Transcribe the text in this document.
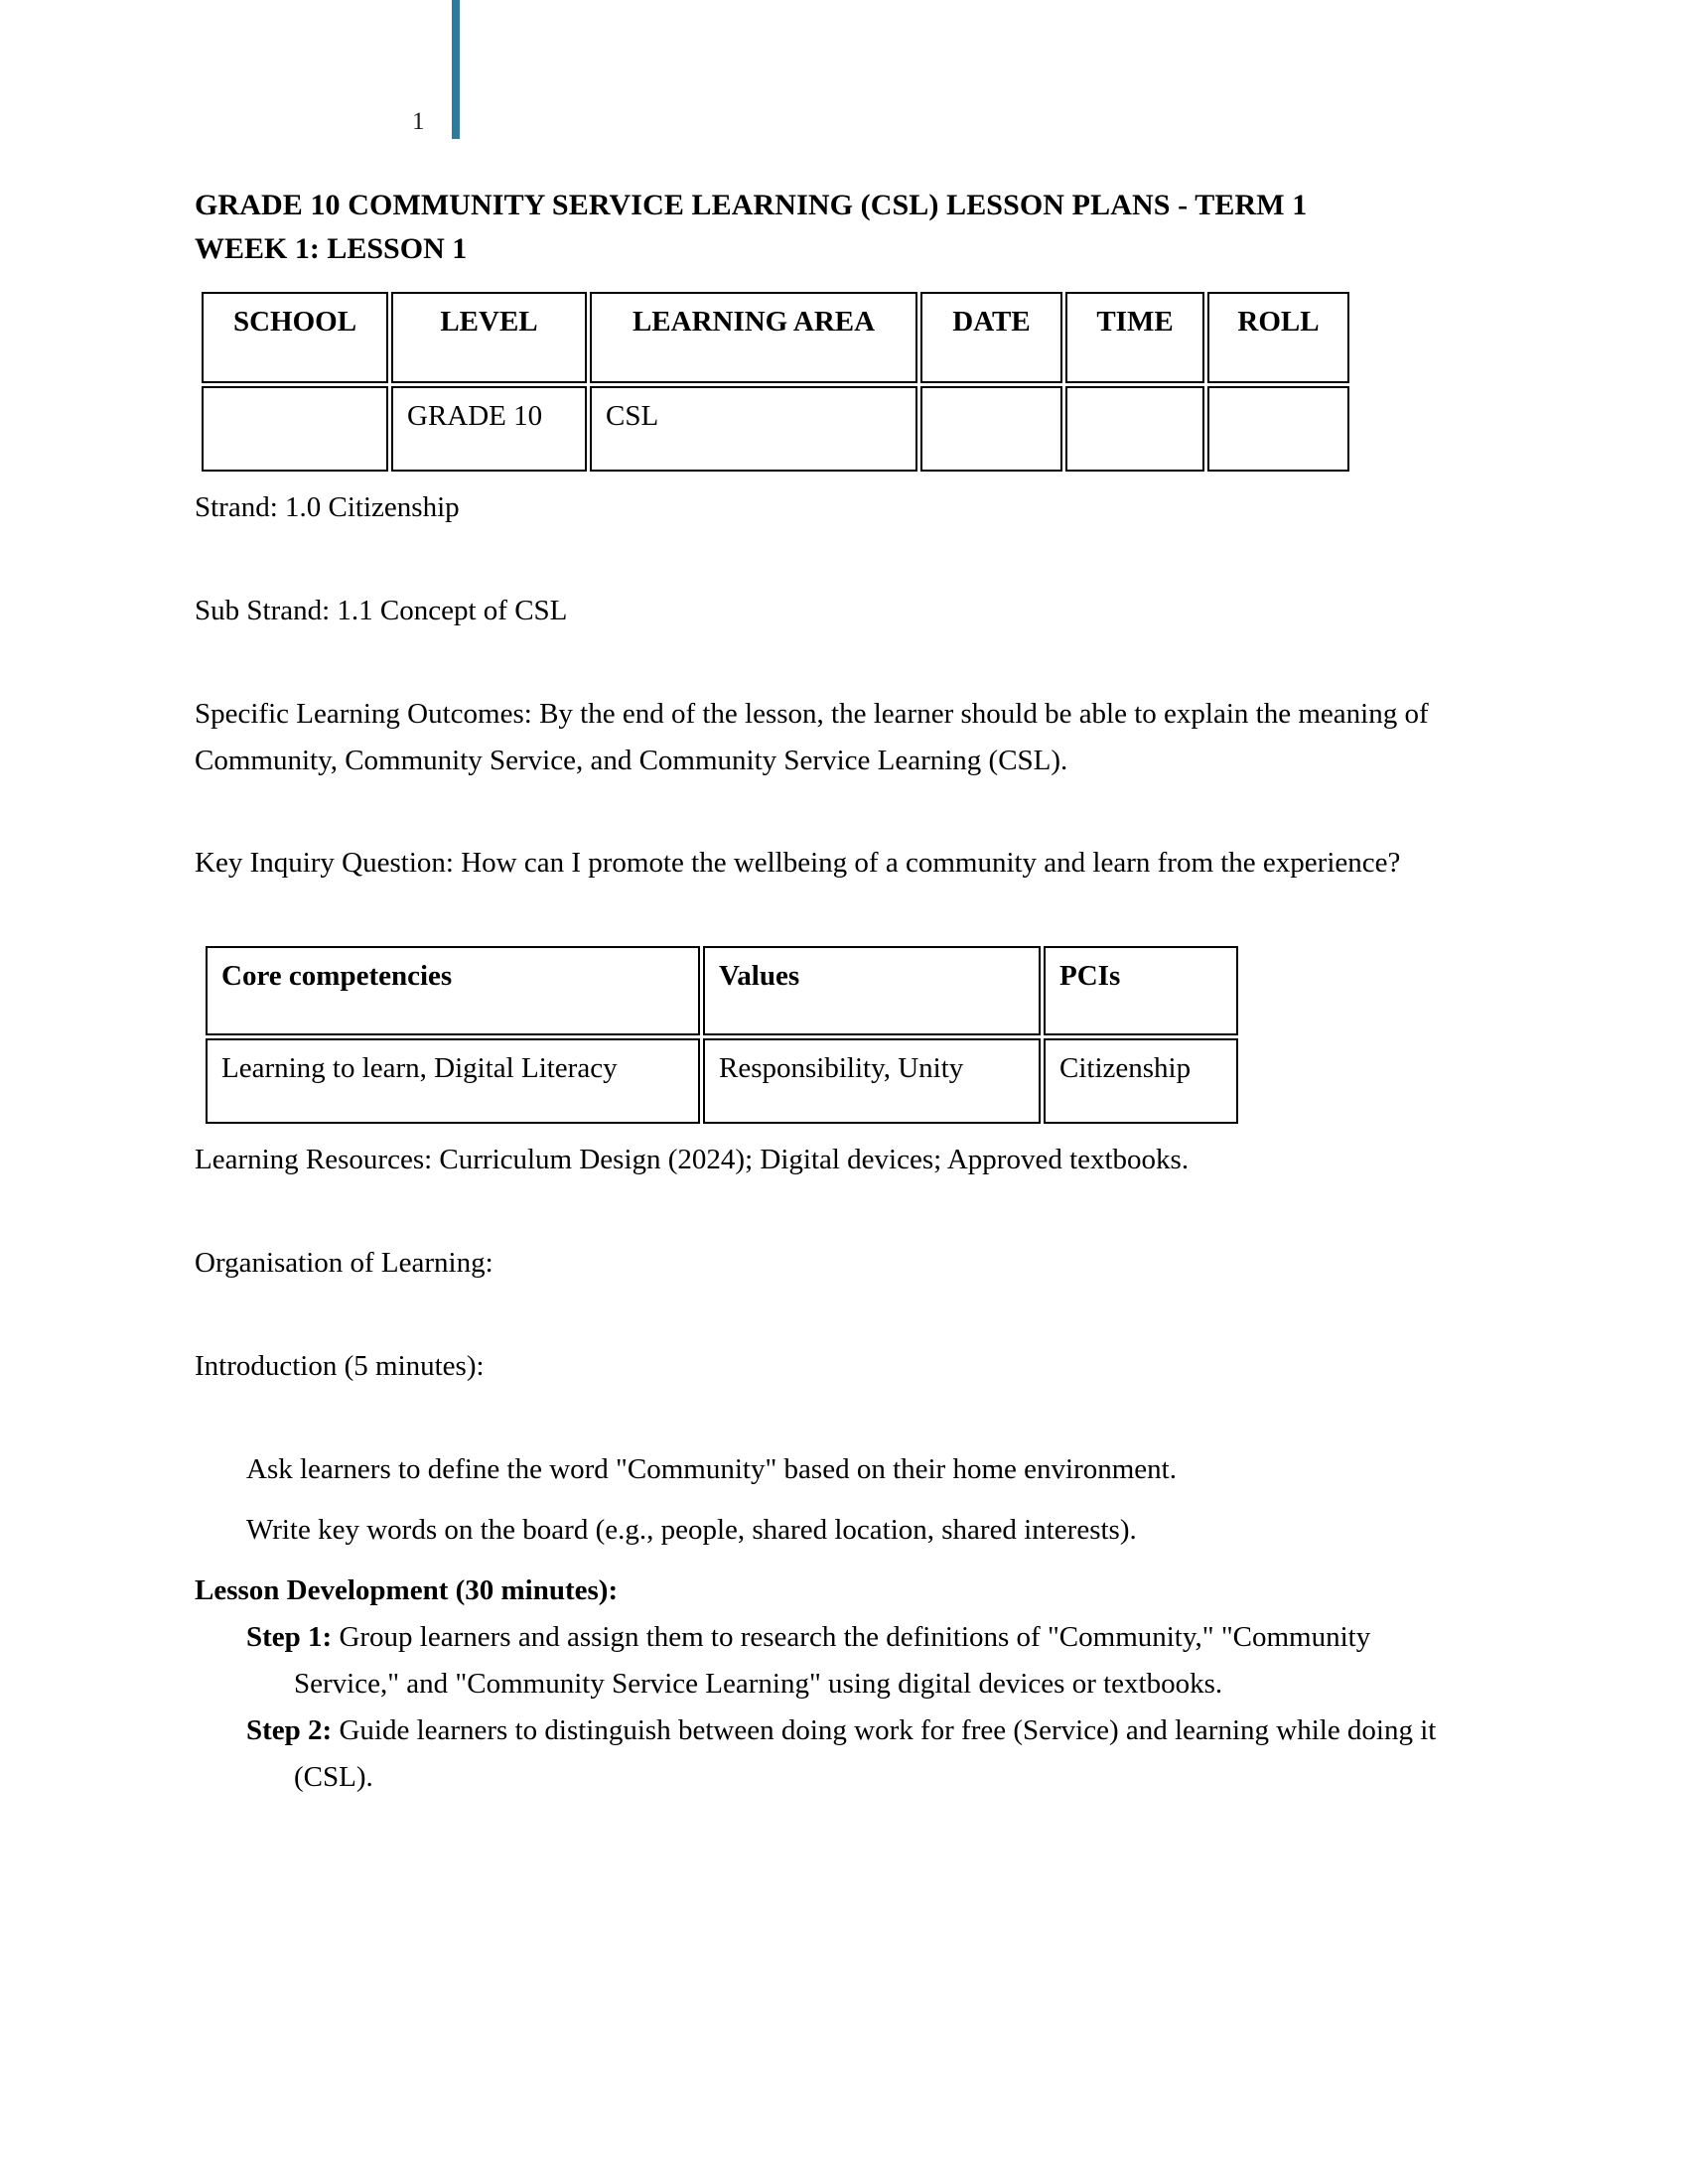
1
GRADE 10 COMMUNITY SERVICE LEARNING (CSL) LESSON PLANS - TERM 1
WEEK 1: LESSON 1
SCHOOL	LEVEL	LEARNING AREA	DATE	TIME	ROLL
	GRADE 10	CSL			

Strand: 1.0 Citizenship

Sub Strand: 1.1 Concept of CSL

Specific Learning Outcomes: By the end of the lesson, the learner should be able to explain the meaning of Community, Community Service, and Community Service Learning (CSL).

Key Inquiry Question: How can I promote the wellbeing of a community and learn from the experience?

Core competencies	Values	PCIs
Learning to learn, Digital Literacy	Responsibility, Unity	Citizenship

Learning Resources: Curriculum Design (2024); Digital devices; Approved textbooks.

Organisation of Learning:

Introduction (5 minutes):

Ask learners to define the word "Community" based on their home environment.

Write key words on the board (e.g., people, shared location, shared interests).

Lesson Development (30 minutes):

Step 1: Group learners and assign them to research the definitions of "Community," "Community Service," and "Community Service Learning" using digital devices or textbooks.

Step 2: Guide learners to distinguish between doing work for free (Service) and learning while doing it (CSL).
